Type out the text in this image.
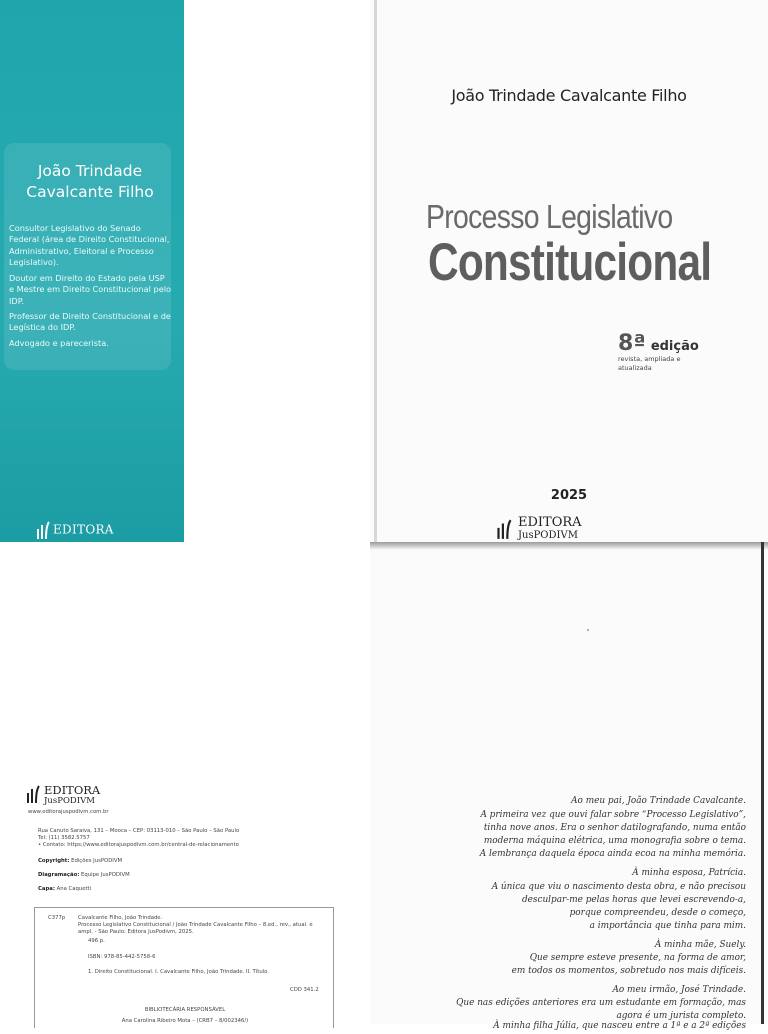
João Trindade
Cavalcante Filho
Consultor Legislativo do Senado Federal (área de Direito Constitucional, Administrativo, Eleitoral e Processo Legislativo).
Doutor em Direito do Estado pela USP e Mestre em Direito Constitucional pelo IDP.
Professor de Direito Constitucional e de Legística do IDP.
Advogado e parecerista.
EDITORA
João Trindade Cavalcante Filho
Processo Legislativo
Constitucional
8ª edição
revista, ampliada e atualizada
2025
EDITORA
JusPODIVM
EDITORA
JusPODIVM
www.editorajuspodivm.com.br
Rua Canuto Saraiva, 131 – Mooca – CEP: 03113-010 – São Paulo – São Paulo
Tel: (11) 3582.5757
• Contato: https://www.editorajuspodivm.com.br/central-de-relacionamento
Copyright: Edições JusPODIVM
Diagramação: Equipe JusPODIVM
Capa: Ana Caquetti
C377p Cavalcante Filho, João Trindade.
Processo Legislativo Constitucional / João Trindade Cavalcante Filho – 8.ed., rev., atual. e ampl. - São Paulo: Editora JusPodivm, 2025.
496 p.
ISBN: 978-85-442-5758-6
1. Direito Constitucional. I. Cavalcante Filho, João Trindade. II. Título.
CDD 341.2
BIBLIOTECÁRIA RESPONSÁVEL
Ana Carolina Ribeiro Mota – (CRB7 – 8/002346/)
Ao meu pai, João Trindade Cavalcante.
A primeira vez que ouvi falar sobre “Processo Legislativo”,
tinha nove anos. Era o senhor datilografando, numa então
moderna máquina elétrica, uma monografia sobre o tema.
A lembrança daquela época ainda ecoa na minha memória.
À minha esposa, Patrícia.
A única que viu o nascimento desta obra, e não precisou
desculpar-me pelas horas que levei escrevendo-a,
porque compreendeu, desde o começo,
a importância que tinha para mim.
À minha mãe, Suely.
Que sempre esteve presente, na forma de amor,
em todos os momentos, sobretudo nos mais difíceis.
Ao meu irmão, José Trindade.
Que nas edições anteriores era um estudante em formação, mas
agora é um jurista completo.
À minha filha Júlia, que nasceu entre a 1ª e a 2ª edições
